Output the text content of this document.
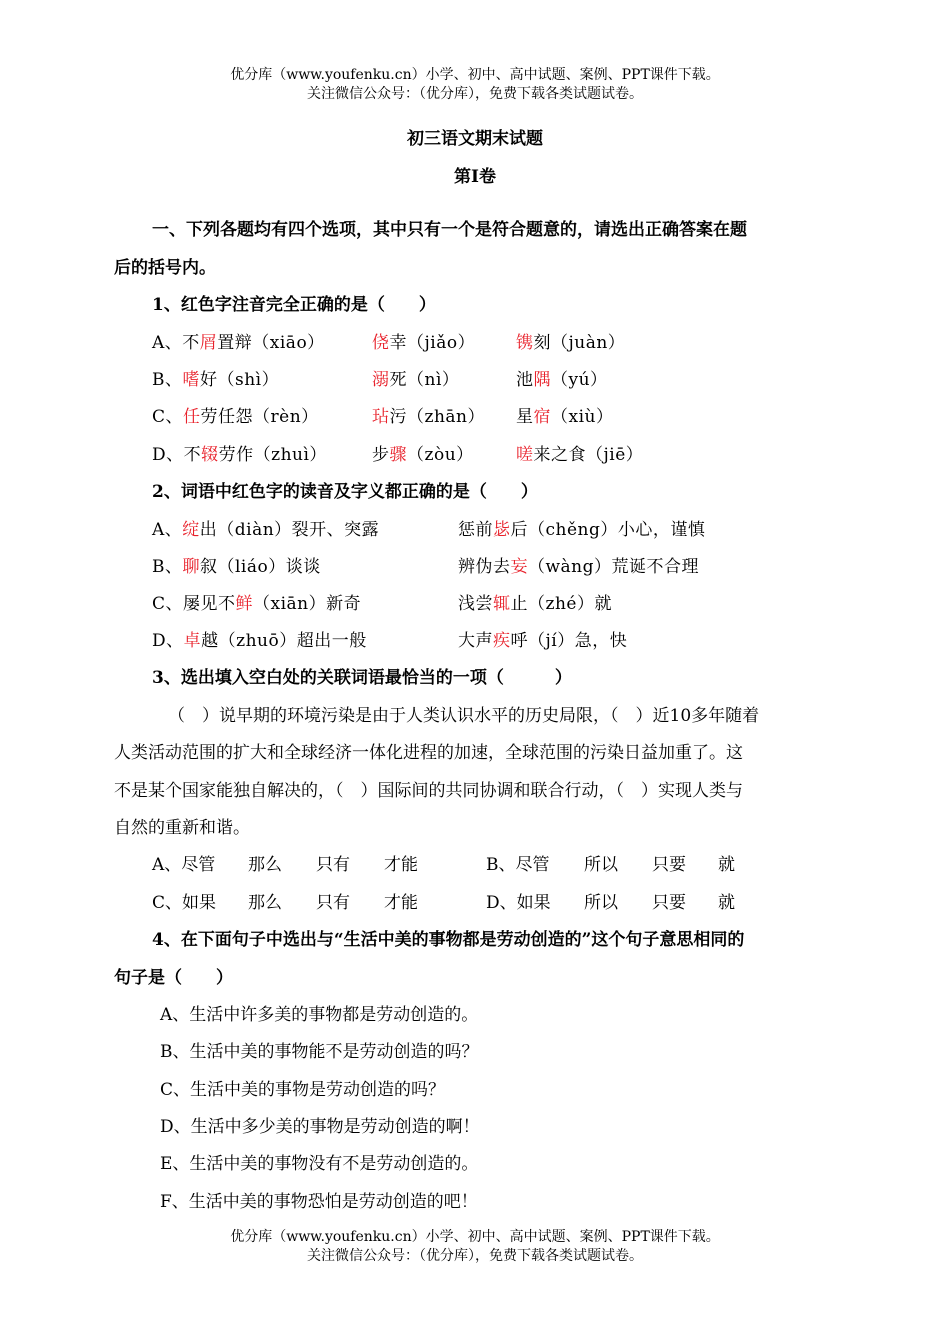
优分库（www.youfenku.cn）小学、初中、高中试题、案例、PPT课件下载。
关注微信公众号：（优分库），免费下载各类试题试卷。
初三语文期末试题
第Ⅰ卷
一、下列各题均有四个选项，其中只有一个是符合题意的，请选出正确答案在题
后的括号内。
1、红色字注音完全正确的是（　　）
A、不屑置辩（xiāo）	侥幸（jiǎo） 镌刻（juàn）
B、嗜好（shì）	溺死（nì）	池隅（yú）
C、任劳任怨（rèn）	玷污（zhān） 星宿（xiù）
D、不辍劳作（zhuì）	步骤（zòu） 嗟来之食（jiē）
2、词语中红色字的读音及字义都正确的是（　　）
A、绽出（diàn）裂开、突露	惩前毖后（chěng）小心，谨慎
B、聊叙（liáo）谈谈	辨伪去妄（wàng）荒诞不合理
C、屡见不鲜（xiān）新奇	浅尝辄止（zhé）就
D、卓越（zhuō）超出一般	大声疾呼（jí）急，快
3、选出填入空白处的关联词语最恰当的一项（　　　）
（　）说早期的环境污染是由于人类认识水平的历史局限，（　）近10多年随着
人类活动范围的扩大和全球经济一体化进程的加速，全球范围的污染日益加重了。这
不是某个国家能独自解决的，（　）国际间的共同协调和联合行动，（　）实现人类与
自然的重新和谐。
A、尽管 那么 只有 才能	B、尽管 所以 只要 就
C、如果 那么 只有 才能	D、如果 所以 只要 就
4、在下面句子中选出与“生活中美的事物都是劳动创造的”这个句子意思相同的
句子是（　　）
A、生活中许多美的事物都是劳动创造的。
B、生活中美的事物能不是劳动创造的吗？
C、生活中美的事物是劳动创造的吗？
D、生活中多少美的事物是劳动创造的啊！
E、生活中美的事物没有不是劳动创造的。
F、生活中美的事物恐怕是劳动创造的吧！
优分库（www.youfenku.cn）小学、初中、高中试题、案例、PPT课件下载。
关注微信公众号：（优分库），免费下载各类试题试卷。
